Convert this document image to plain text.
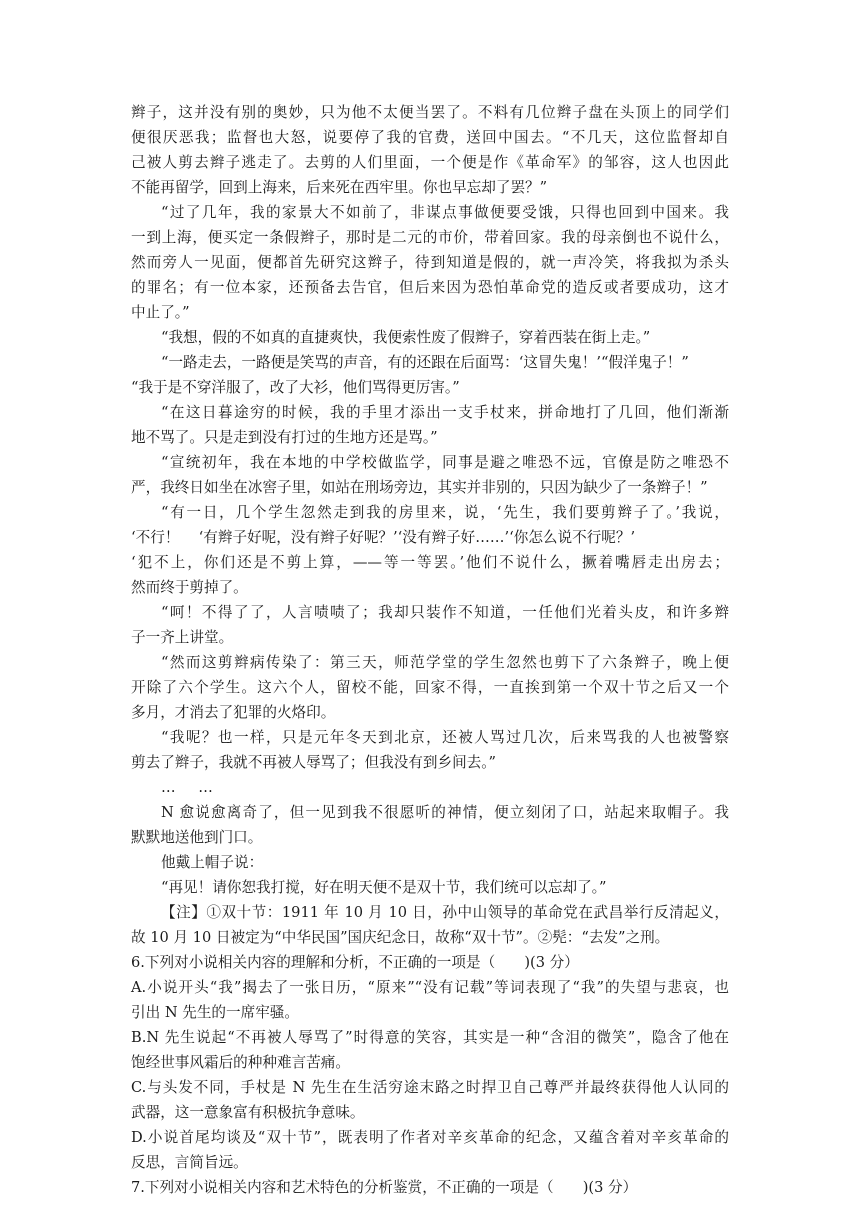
辫子，这并没有别的奥妙，只为他不太便当罢了。不料有几位辫子盘在头顶上的同学们
便很厌恶我；监督也大怒，说要停了我的官费，送回中国去。“不几天，这位监督却自
己被人剪去辫子逃走了。去剪的人们里面，一个便是作《革命军》的邹容，这人也因此
不能再留学，回到上海来，后来死在西牢里。你也早忘却了罢？”
“过了几年，我的家景大不如前了，非谋点事做便要受饿，只得也回到中国来。我
一到上海，便买定一条假辫子，那时是二元的市价，带着回家。我的母亲倒也不说什么，
然而旁人一见面，便都首先研究这辫子，待到知道是假的，就一声冷笑，将我拟为杀头
的罪名；有一位本家，还预备去告官，但后来因为恐怕革命党的造反或者要成功，这才
中止了。”
“我想，假的不如真的直捷爽快，我便索性废了假辫子，穿着西装在街上走。”
“一路走去，一路便是笑骂的声音，有的还跟在后面骂：‘这冒失鬼！’“假洋鬼子！”
“我于是不穿洋服了，改了大衫，他们骂得更厉害。”
“在这日暮途穷的时候，我的手里才添出一支手杖来，拼命地打了几回，他们渐渐
地不骂了。只是走到没有打过的生地方还是骂。”
“宣统初年，我在本地的中学校做监学，同事是避之唯恐不远，官僚是防之唯恐不
严，我终日如坐在冰窖子里，如站在刑场旁边，其实并非别的，只因为缺少了一条辫子！”
“有一日，几个学生忽然走到我的房里来，说，‘先生，我们要剪辫子了。’我说，
‘不行！　 ‘有辫子好呢，没有辫子好呢？’‘没有辫子好……’‘你怎么说不行呢？’
‘犯不上，你们还是不剪上算，——等一等罢。’他们不说什么，撅着嘴唇走出房去；
然而终于剪掉了。
“呵！不得了了，人言啧啧了；我却只装作不知道，一任他们光着头皮，和许多辫
子一齐上讲堂。
“然而这剪辫病传染了：第三天，师范学堂的学生忽然也剪下了六条辫子，晚上便
开除了六个学生。这六个人，留校不能，回家不得，一直挨到第一个双十节之后又一个
多月，才消去了犯罪的火烙印。
“我呢？也一样，只是元年冬天到北京，还被人骂过几次，后来骂我的人也被警察
剪去了辫子，我就不再被人辱骂了；但我没有到乡间去。”
…　…
N 愈说愈离奇了，但一见到我不很愿听的神情，便立刻闭了口，站起来取帽子。我
默默地送他到门口。
他戴上帽子说：
“再见！请你恕我打搅，好在明天便不是双十节，我们统可以忘却了。”
【注】①双十节：1911 年 10 月 10 日，孙中山领导的革命党在武昌举行反清起义，
故 10 月 10 日被定为“中华民国”国庆纪念日，故称“双十节”。②髡：“去发”之刑。
6.下列对小说相关内容的理解和分析，不正确的一项是（　　)(3 分）
A.小说开头“我”揭去了一张日历，“原来”“没有记载”等词表现了“我”的失望与悲哀，也
引出 N 先生的一席牢骚。
B.N 先生说起“不再被人辱骂了”时得意的笑容，其实是一种“含泪的微笑”，隐含了他在
饱经世事风霜后的种种难言苦痛。
C.与头发不同，手杖是 N 先生在生活穷途末路之时捍卫自己尊严并最终获得他人认同的
武器，这一意象富有积极抗争意味。
D.小说首尾均谈及“双十节”，既表明了作者对辛亥革命的纪念，又蕴含着对辛亥革命的
反思，言简旨远。
7.下列对小说相关内容和艺术特色的分析鉴赏，不正确的一项是（　　)(3 分）
